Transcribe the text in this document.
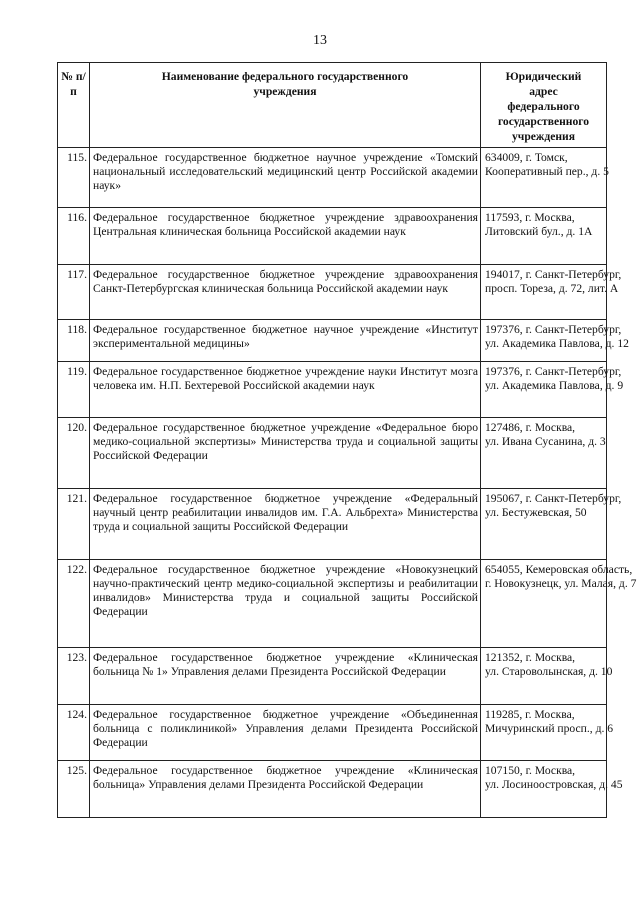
13
№ п/п	Наименование федерального государственного учреждения	Юридический адрес федерального государственного учреждения
115.	Федеральное государственное бюджетное научное учреждение «Томский национальный исследовательский медицинский центр Российской академии наук»	634009, г. Томск,
Кооперативный пер., д. 5

116.	Федеральное государственное бюджетное учреждение здравоохранения Центральная клиническая больница Российской академии наук	117593, г. Москва,
Литовский бул., д. 1А

117.	Федеральное государственное бюджетное учреждение здравоохранения Санкт-Петербургская клиническая больница Российской академии наук	194017, г. Санкт-Петербург,
просп. Тореза, д. 72, лит. А

118.	Федеральное государственное бюджетное научное учреждение «Институт экспериментальной медицины»	197376, г. Санкт-Петербург,
ул. Академика Павлова, д. 12

119.	Федеральное государственное бюджетное учреждение науки Институт мозга человека им. Н.П. Бехтеревой Российской академии наук	197376, г. Санкт-Петербург,
ул. Академика Павлова, д. 9

120.	Федеральное государственное бюджетное учреждение «Федеральное бюро медико-социальной экспертизы» Министерства труда и социальной защиты Российской Федерации	127486, г. Москва,
ул. Ивана Сусанина, д. 3

121.	Федеральное государственное бюджетное учреждение «Федеральный научный центр реабилитации инвалидов им. Г.А. Альбрехта» Министерства труда и социальной защиты Российской Федерации	195067, г. Санкт-Петербург,
ул. Бестужевская, 50

122.	Федеральное государственное бюджетное учреждение «Новокузнецкий научно-практический центр медико-социальной экспертизы и реабилитации инвалидов» Министерства труда и социальной защиты Российской Федерации	654055, Кемеровская область,
г. Новокузнецк, ул. Малая, д. 7

123.	Федеральное государственное бюджетное учреждение «Клиническая больница № 1» Управления делами Президента Российской Федерации	121352, г. Москва,
ул. Староволынская, д. 10

124.	Федеральное государственное бюджетное учреждение «Объединенная больница с поликлиникой» Управления делами Президента Российской Федерации	119285, г. Москва,
Мичуринский просп., д. 6

125.	Федеральное государственное бюджетное учреждение «Клиническая больница» Управления делами Президента Российской Федерации	107150, г. Москва,
ул. Лосиноостровская, д. 45
